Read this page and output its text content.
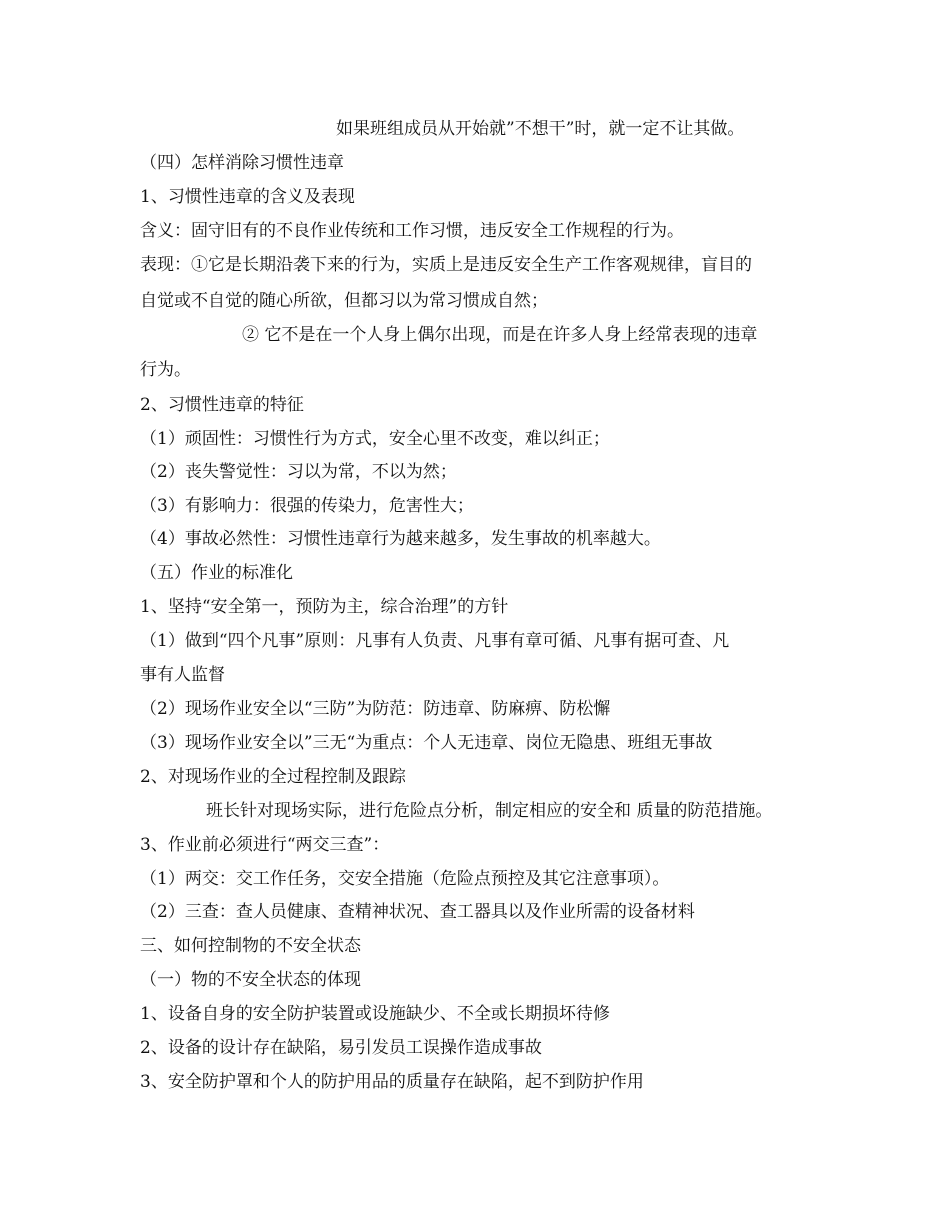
如果班组成员从开始就”不想干”时，就一定不让其做。
（四）怎样消除习惯性违章
1、习惯性违章的含义及表现
含义：固守旧有的不良作业传统和工作习惯，违反安全工作规程的行为。
表现：①它是长期沿袭下来的行为，实质上是违反安全生产工作客观规律，盲目的
自觉或不自觉的随心所欲，但都习以为常习惯成自然；
② 它不是在一个人身上偶尔出现，而是在许多人身上经常表现的违章
行为。
2、习惯性违章的特征
（1）顽固性：习惯性行为方式，安全心里不改变，难以纠正；
（2）丧失警觉性：习以为常，不以为然；
（3）有影响力：很强的传染力，危害性大；
（4）事故必然性：习惯性违章行为越来越多，发生事故的机率越大。
（五）作业的标准化
1、坚持“安全第一，预防为主，综合治理”的方针
（1）做到“四个凡事”原则：凡事有人负责、凡事有章可循、凡事有据可查、凡
事有人监督
（2）现场作业安全以“三防”为防范：防违章、防麻痹、防松懈
（3）现场作业安全以”三无“为重点：个人无违章、岗位无隐患、班组无事故
2、对现场作业的全过程控制及跟踪
班长针对现场实际，进行危险点分析，制定相应的安全和 质量的防范措施。
3、作业前必须进行“两交三查”：
（1）两交：交工作任务，交安全措施（危险点预控及其它注意事项）。
（2）三查：查人员健康、查精神状况、查工器具以及作业所需的设备材料
三、如何控制物的不安全状态
（一）物的不安全状态的体现
1、设备自身的安全防护装置或设施缺少、不全或长期损坏待修
2、设备的设计存在缺陷，易引发员工误操作造成事故
3、安全防护罩和个人的防护用品的质量存在缺陷，起不到防护作用
